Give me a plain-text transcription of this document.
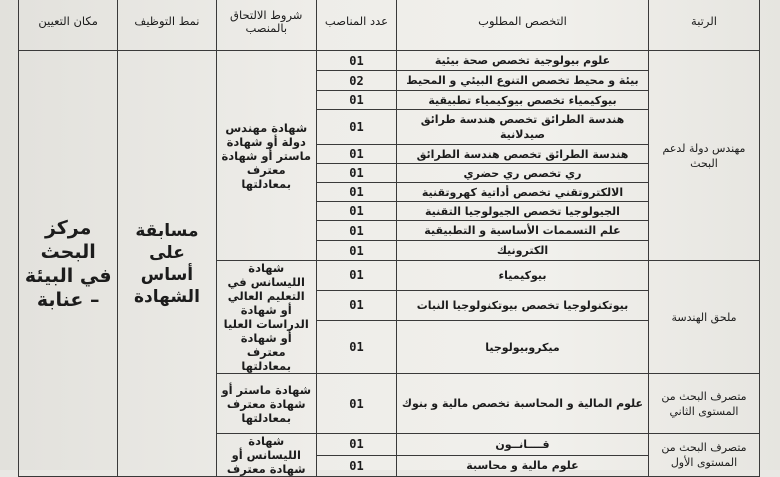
الرتبة	التخصص المطلوب	عدد المناصب	شروط الالتحاق بالمنصب	نمط التوظيف	مكان التعيين
مهندس دولة لدعم البحث	علوم بيولوجية تخصص صحة بيئية	01	شهادة مهندس دولة أو شهادة ماستر أو شهادة معترف بمعادلتها	مسابقة على أساس الشهادة	مركز البحث في البيئة – عنابة
	بيئة و محيط تخصص التنوع البيئي و المحيط	02			
	بيوكيمياء تخصص بيوكيمياء تطبيقية	01			
	هندسة الطرائق تخصص هندسة طرائق صيدلانية	01			
	هندسة الطرائق تخصص هندسة الطرائق	01			
	ري تخصص ري حضري	01			
	الالكتروتقني تخصص أداتية كهروتقنية	01			
	الجيولوجيا تخصص الجيولوجيا التقنية	01			
	علم التسممات الأساسية و التطبيقية	01			
	الكترونيك	01			
ملحق الهندسة	بيوكيمياء	01	شهادة الليسانس في التعليم العالي أو شهادة الدراسات العليا أو شهادة معترف بمعادلتها		
	بيوتكنولوجيا تخصص بيوتكنولوجيا النبات	01			
	ميكروبيولوجيا	01			
متصرف البحث من المستوى الثاني	علوم المالية و المحاسبة تخصص مالية و بنوك	01	شهادة ماستر أو شهادة معترف بمعادلتها		
متصرف البحث من المستوى الأول	قــــانــون	01	شهادة الليسانس أو شهادة معترف		
	علوم مالية و محاسبة	01			
